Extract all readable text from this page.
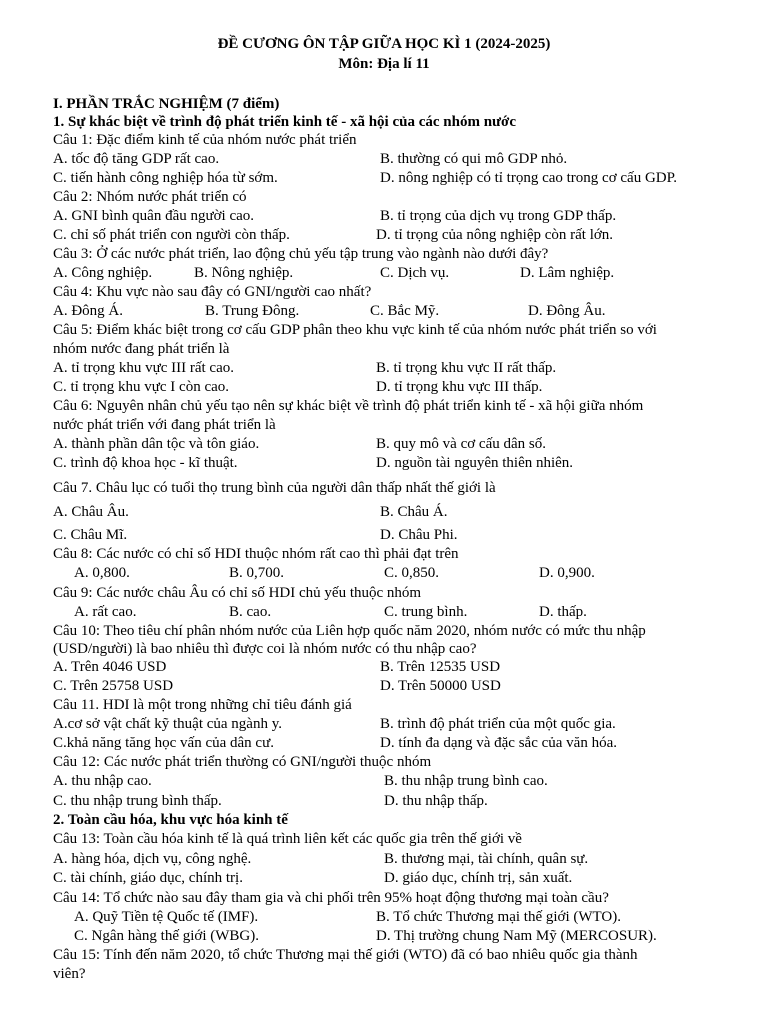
ĐỀ CƯƠNG ÔN TẬP GIỮA HỌC KÌ 1 (2024-2025)
Môn: Địa lí 11
I. PHẦN TRẮC NGHIỆM (7 điểm)
1. Sự khác biệt về trình độ phát triển kinh tế - xã hội của các nhóm nước
Câu 1: Đặc điểm kinh tế của nhóm nước phát triển
A. tốc độ tăng GDP rất cao.	B. thường có qui mô GDP nhỏ.
C. tiến hành công nghiệp hóa từ sớm.	D. nông nghiệp có tỉ trọng cao trong cơ cấu GDP.
Câu 2: Nhóm nước phát triển có
A. GNI bình quân đầu người cao.	B. tỉ trọng của dịch vụ trong GDP thấp.
C. chỉ số phát triển con người còn thấp.	D. tỉ trọng của nông nghiệp còn rất lớn.
Câu 3: Ở các nước phát triển, lao động chủ yếu tập trung vào ngành nào dưới đây?
A. Công nghiệp.	B. Nông nghiệp.	C. Dịch vụ.	D. Lâm nghiệp.
Câu 4: Khu vực nào sau đây có GNI/người cao nhất?
A. Đông Á.	B. Trung Đông.	C. Bắc Mỹ.	D. Đông Âu.
Câu 5: Điểm khác biệt trong cơ cấu GDP phân theo khu vực kinh tế của nhóm nước phát triển so với
nhóm nước đang phát triển là
A. tỉ trọng khu vực III rất cao.	B. tỉ trọng khu vực II rất thấp.
C. tỉ trọng khu vực I còn cao.	D. tỉ trọng khu vực III thấp.
Câu 6: Nguyên nhân chủ yếu tạo nên sự khác biệt về trình độ phát triển kinh tế - xã hội giữa nhóm
nước phát triển với đang phát triển là
A. thành phần dân tộc và tôn giáo.	B. quy mô và cơ cấu dân số.
C. trình độ khoa học - kĩ thuật.	D. nguồn tài nguyên thiên nhiên.
Câu 7. Châu lục có tuổi thọ trung bình của người dân thấp nhất thế giới là
A. Châu Âu.	B. Châu Á.
C. Châu Mĩ.	D. Châu Phi.
Câu 8: Các nước có chỉ số HDI thuộc nhóm rất cao thì phải đạt trên
A. 0,800.	B. 0,700.	C. 0,850.	D. 0,900.
Câu 9: Các nước châu Âu có chỉ số HDI chủ yếu thuộc nhóm
A. rất cao.	B. cao.	C. trung bình.	D. thấp.
Câu 10: Theo tiêu chí phân nhóm nước của Liên hợp quốc năm 2020, nhóm nước có mức thu nhập
(USD/người) là bao nhiêu thì được coi là nhóm nước có thu nhập cao?
A. Trên 4046 USD	B. Trên 12535 USD
C. Trên 25758 USD	D. Trên 50000 USD
Câu 11. HDI là một trong những chỉ tiêu đánh giá
A.cơ sở vật chất kỹ thuật của ngành y.	B. trình độ phát triển của một quốc gia.
C.khả năng tăng học vấn của dân cư.	D. tính đa dạng và đặc sắc của văn hóa.
Câu 12: Các nước phát triển thường có GNI/người thuộc nhóm
A. thu nhập cao.	B. thu nhập trung bình cao.
C. thu nhập trung bình thấp.	D. thu nhập thấp.
2. Toàn cầu hóa, khu vực hóa kinh tế
Câu 13: Toàn cầu hóa kinh tế là quá trình liên kết các quốc gia trên thế giới về
A. hàng hóa, dịch vụ, công nghệ.	B. thương mại, tài chính, quân sự.
C. tài chính, giáo dục, chính trị.	D. giáo dục, chính trị, sản xuất.
Câu 14: Tổ chức nào sau đây tham gia và chi phối trên 95% hoạt động thương mại toàn cầu?
A. Quỹ Tiền tệ Quốc tế (IMF).	B. Tổ chức Thương mại thế giới (WTO).
C. Ngân hàng thế giới (WBG).	D. Thị trường chung Nam Mỹ (MERCOSUR).
Câu 15: Tính đến năm 2020, tổ chức Thương mại thế giới (WTO) đã có bao nhiêu quốc gia thành
viên?
